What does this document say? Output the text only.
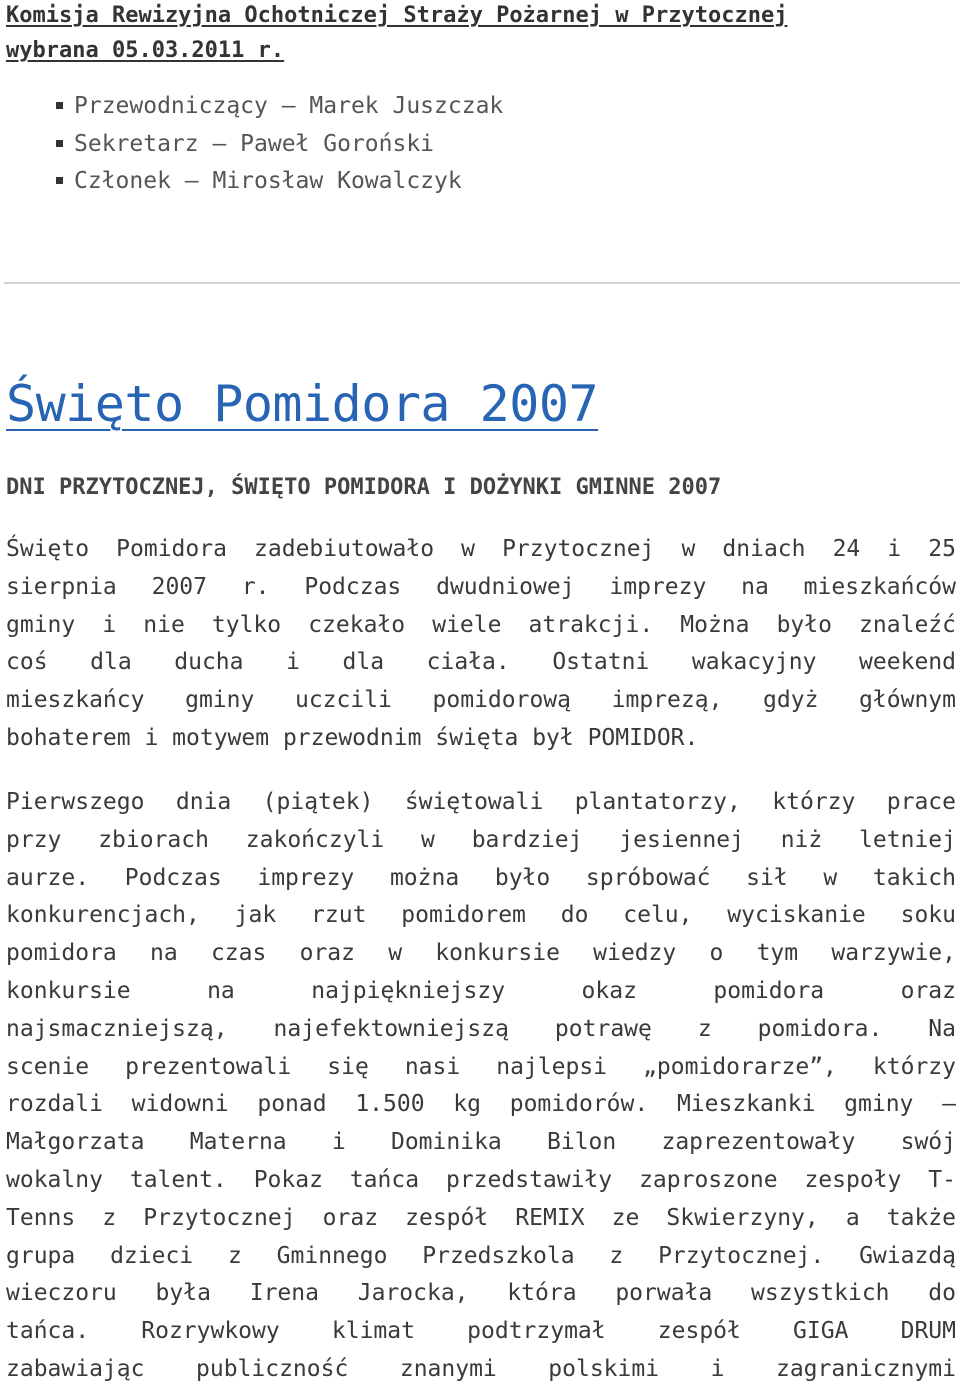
Komisja Rewizyjna Ochotniczej Straży Pożarnej w Przytocznej
wybrana 05.03.2011 r.
Przewodniczący – Marek Juszczak
Sekretarz – Paweł Goroński
Członek – Mirosław Kowalczyk
Święto Pomidora 2007
DNI PRZYTOCZNEJ, ŚWIĘTO POMIDORA I DOŻYNKI GMINNE 2007
Święto Pomidora zadebiutowało w Przytocznej w dniach 24 i 25
sierpnia 2007 r. Podczas dwudniowej imprezy na mieszkańców
gminy i nie tylko czekało wiele atrakcji. Można było znaleźć
coś dla ducha i dla ciała. Ostatni wakacyjny weekend
mieszkańcy gminy uczcili pomidorową imprezą, gdyż głównym
bohaterem i motywem przewodnim święta był POMIDOR.
Pierwszego dnia (piątek) świętowali plantatorzy, którzy prace
przy zbiorach zakończyli w bardziej jesiennej niż letniej
aurze. Podczas imprezy można było spróbować sił w takich
konkurencjach, jak rzut pomidorem do celu, wyciskanie soku
pomidora na czas oraz w konkursie wiedzy o tym warzywie,
konkursie na najpiękniejszy okaz pomidora oraz
najsmaczniejszą, najefektowniejszą potrawę z pomidora. Na
scenie prezentowali się nasi najlepsi „pomidorarze”, którzy
rozdali widowni ponad 1.500 kg pomidorów. Mieszkanki gminy –
Małgorzata Materna i Dominika Bilon zaprezentowały swój
wokalny talent. Pokaz tańca przedstawiły zaproszone zespoły T-
Tenns z Przytocznej oraz zespół REMIX ze Skwierzyny, a także
grupa dzieci z Gminnego Przedszkola z Przytocznej. Gwiazdą
wieczoru była Irena Jarocka, która porwała wszystkich do
tańca. Rozrywkowy klimat podtrzymał zespół GIGA DRUM
zabawiając publiczność znanymi polskimi i zagranicznymi
